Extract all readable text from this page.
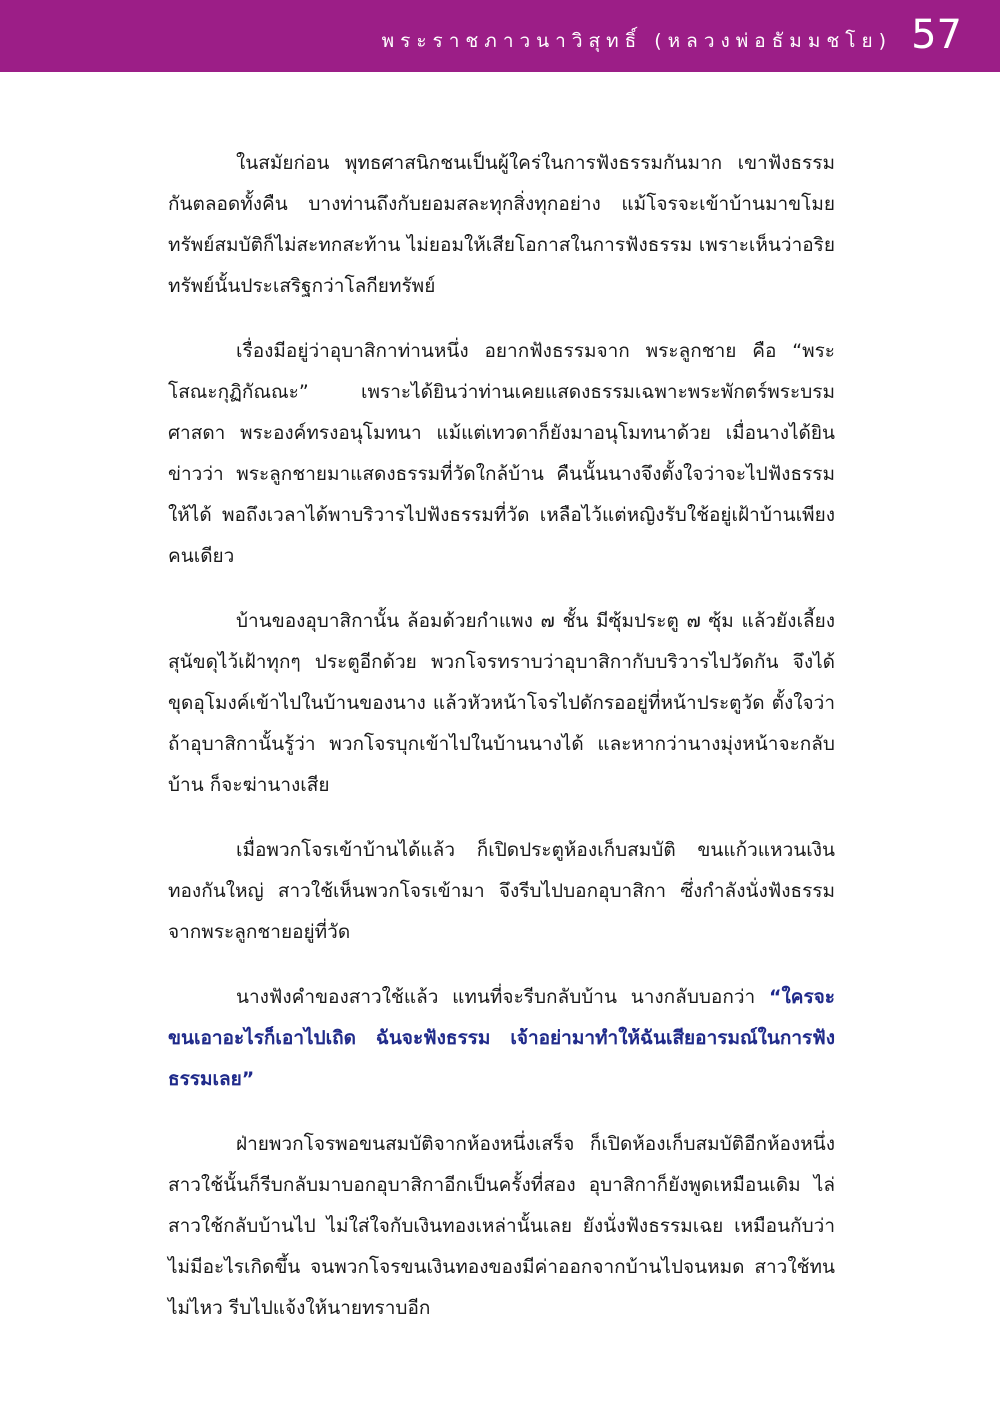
พระราชภาวนาวิสุทธิ์ (หลวงพ่อธัมมชโย) 57

ในสมัยก่อน พุทธศาสนิกชนเป็นผู้ใคร่ในการฟังธรรมกันมาก เขาฟังธรรมกันตลอดทั้งคืน บางท่านถึงกับยอมสละทุกสิ่งทุกอย่าง แม้โจรจะเข้าบ้านมาขโมยทรัพย์สมบัติก็ไม่สะทกสะท้าน ไม่ยอมให้เสียโอกาสในการฟังธรรม เพราะเห็นว่าอริยทรัพย์นั้นประเสริฐกว่าโลกียทรัพย์

เรื่องมีอยู่ว่าอุบาสิกาท่านหนึ่ง อยากฟังธรรมจาก พระลูกชาย คือ “พระโสณะกุฏิกัณณะ” เพราะได้ยินว่าท่านเคยแสดงธรรมเฉพาะพระพักตร์พระบรมศาสดา พระองค์ทรงอนุโมทนา แม้แต่เทวดาก็ยังมาอนุโมทนาด้วย เมื่อนางได้ยินข่าวว่า พระลูกชายมาแสดงธรรมที่วัดใกล้บ้าน คืนนั้นนางจึงตั้งใจว่าจะไปฟังธรรมให้ได้ พอถึงเวลาได้พาบริวารไปฟังธรรมที่วัด เหลือไว้แต่หญิงรับใช้อยู่เฝ้าบ้านเพียงคนเดียว

บ้านของอุบาสิกานั้น ล้อมด้วยกำแพง ๗ ชั้น มีซุ้มประตู ๗ ซุ้ม แล้วยังเลี้ยงสุนัขดุไว้เฝ้าทุกๆ ประตูอีกด้วย พวกโจรทราบว่าอุบาสิกากับบริวารไปวัดกัน จึงได้ขุดอุโมงค์เข้าไปในบ้านของนาง แล้วหัวหน้าโจรไปดักรออยู่ที่หน้าประตูวัด ตั้งใจว่าถ้าอุบาสิกานั้นรู้ว่า พวกโจรบุกเข้าไปในบ้านนางได้ และหากว่านางมุ่งหน้าจะกลับบ้าน ก็จะฆ่านางเสีย

เมื่อพวกโจรเข้าบ้านได้แล้ว ก็เปิดประตูห้องเก็บสมบัติ ขนแก้วแหวนเงินทองกันใหญ่ สาวใช้เห็นพวกโจรเข้ามา จึงรีบไปบอกอุบาสิกา ซึ่งกำลังนั่งฟังธรรม จากพระลูกชายอยู่ที่วัด

นางฟังคำของสาวใช้แล้ว แทนที่จะรีบกลับบ้าน นางกลับบอกว่า “ใครจะขนเอาอะไรก็เอาไปเถิด ฉันจะฟังธรรม เจ้าอย่ามาทำให้ฉันเสียอารมณ์ในการฟังธรรมเลย”

ฝ่ายพวกโจรพอขนสมบัติจากห้องหนึ่งเสร็จ ก็เปิดห้องเก็บสมบัติอีกห้องหนึ่ง สาวใช้นั้นก็รีบกลับมาบอกอุบาสิกาอีกเป็นครั้งที่สอง อุบาสิกาก็ยังพูดเหมือนเดิม ไล่สาวใช้กลับบ้านไป ไม่ใส่ใจกับเงินทองเหล่านั้นเลย ยังนั่งฟังธรรมเฉย เหมือนกับว่าไม่มีอะไรเกิดขึ้น จนพวกโจรขนเงินทองของมีค่าออกจากบ้านไปจนหมด สาวใช้ทนไม่ไหว รีบไปแจ้งให้นายทราบอีก
